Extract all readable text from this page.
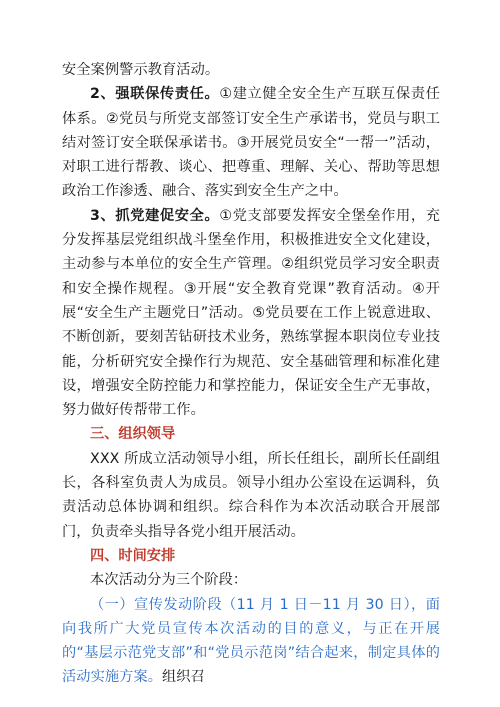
安全案例警示教育活动。

2、强联保传责任。①建立健全安全生产互联互保责任体系。②党员与所党支部签订安全生产承诺书，党员与职工结对签订安全联保承诺书。③开展党员安全“一帮一”活动，对职工进行帮教、谈心、把尊重、理解、关心、帮助等思想政治工作渗透、融合、落实到安全生产之中。

3、抓党建促安全。①党支部要发挥安全堡垒作用，充分发挥基层党组织战斗堡垒作用，积极推进安全文化建设，主动参与本单位的安全生产管理。②组织党员学习安全职责和安全操作规程。③开展“安全教育党课”教育活动。④开展“安全生产主题党日”活动。⑤党员要在工作上锐意进取、不断创新，要刻苦钻研技术业务，熟练掌握本职岗位专业技能，分析研究安全操作行为规范、安全基础管理和标准化建设，增强安全防控能力和掌控能力，保证安全生产无事故，努力做好传帮带工作。

三、组织领导

XXX 所成立活动领导小组，所长任组长，副所长任副组长，各科室负责人为成员。领导小组办公室设在运调科，负责活动总体协调和组织。综合科作为本次活动联合开展部门，负责牵头指导各党小组开展活动。

四、时间安排

本次活动分为三个阶段：

（一）宣传发动阶段（11 月 1 日－11 月 30 日），面向我所广大党员宣传本次活动的目的意义，与正在开展的“基层示范党支部”和“党员示范岗”结合起来，制定具体的活动实施方案。组织召
